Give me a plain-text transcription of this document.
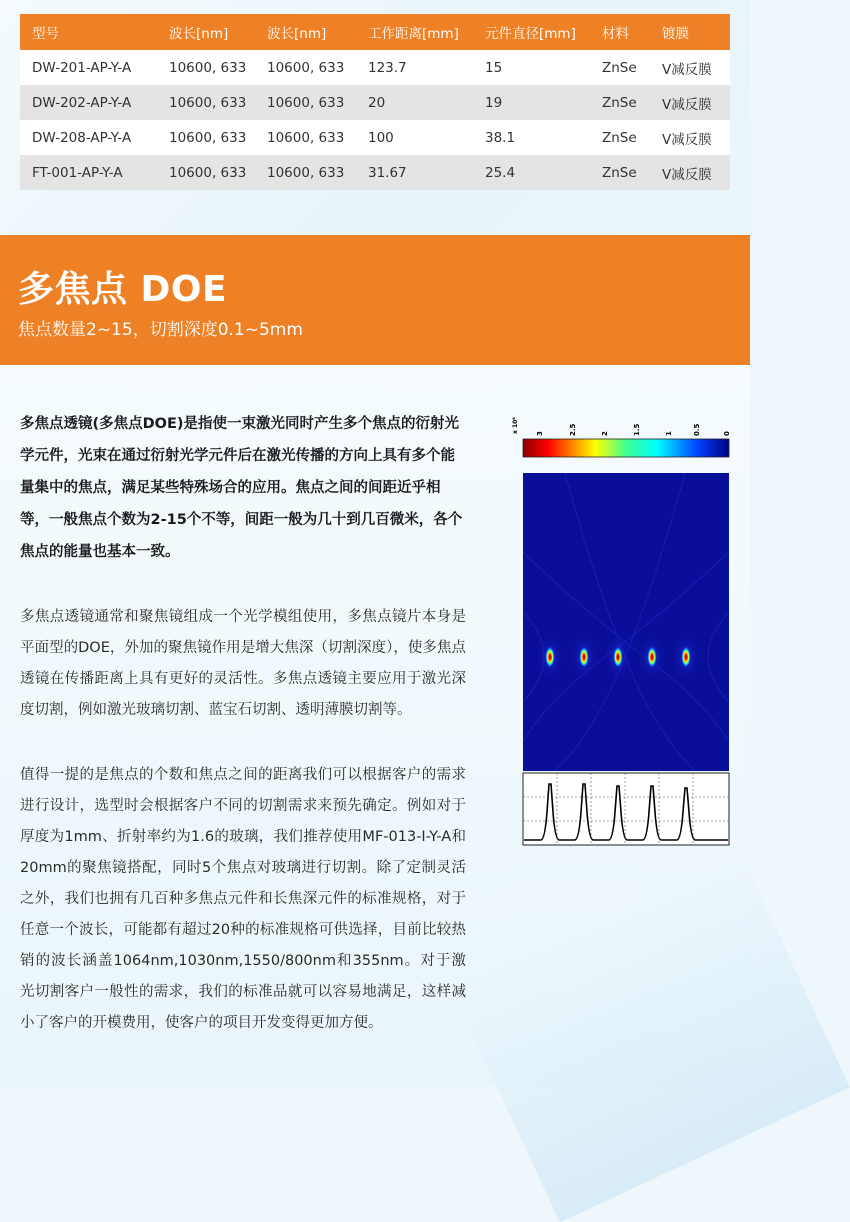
型号	波长[nm]	波长[nm]	工作距离[mm]	元件直径[mm]	材料	镀膜
DW-201-AP-Y-A	10600, 633	10600, 633	123.7	15	ZnSe	V减反膜
DW-202-AP-Y-A	10600, 633	10600, 633	20	19	ZnSe	V减反膜
DW-208-AP-Y-A	10600, 633	10600, 633	100	38.1	ZnSe	V减反膜
FT-001-AP-Y-A	10600, 633	10600, 633	31.67	25.4	ZnSe	V减反膜
多焦点 DOE
焦点数量2~15，切割深度0.1~5mm

多焦点透镜(多焦点DOE)是指使一束激光同时产生多个焦点的衍射光学元件，光束在通过衍射光学元件后在激光传播的方向上具有多个能量集中的焦点，满足某些特殊场合的应用。焦点之间的间距近乎相等，一般焦点个数为2-15个不等，间距一般为几十到几百微米，各个焦点的能量也基本一致。

多焦点透镜通常和聚焦镜组成一个光学模组使用，多焦点镜片本身是平面型的DOE，外加的聚焦镜作用是增大焦深（切割深度），使多焦点透镜在传播距离上具有更好的灵活性。多焦点透镜主要应用于激光深度切割，例如激光玻璃切割、蓝宝石切割、透明薄膜切割等。

值得一提的是焦点的个数和焦点之间的距离我们可以根据客户的需求进行设计，选型时会根据客户不同的切割需求来预先确定。例如对于厚度为1mm、折射率约为1.6的玻璃，我们推荐使用MF-013-I-Y-A和20mm的聚焦镜搭配，同时5个焦点对玻璃进行切割。除了定制灵活之外，我们也拥有几百种多焦点元件和长焦深元件的标准规格，对于任意一个波长，可能都有超过20种的标准规格可供选择，目前比较热销的波长涵盖1064nm,1030nm,1550/800nm和355nm。对于激光切割客户一般性的需求，我们的标准品就可以容易地满足，这样减小了客户的开模费用，使客户的项目开发变得更加方便。

x 10⁶ 3	2.5	2	1.5	1	0.5	0
